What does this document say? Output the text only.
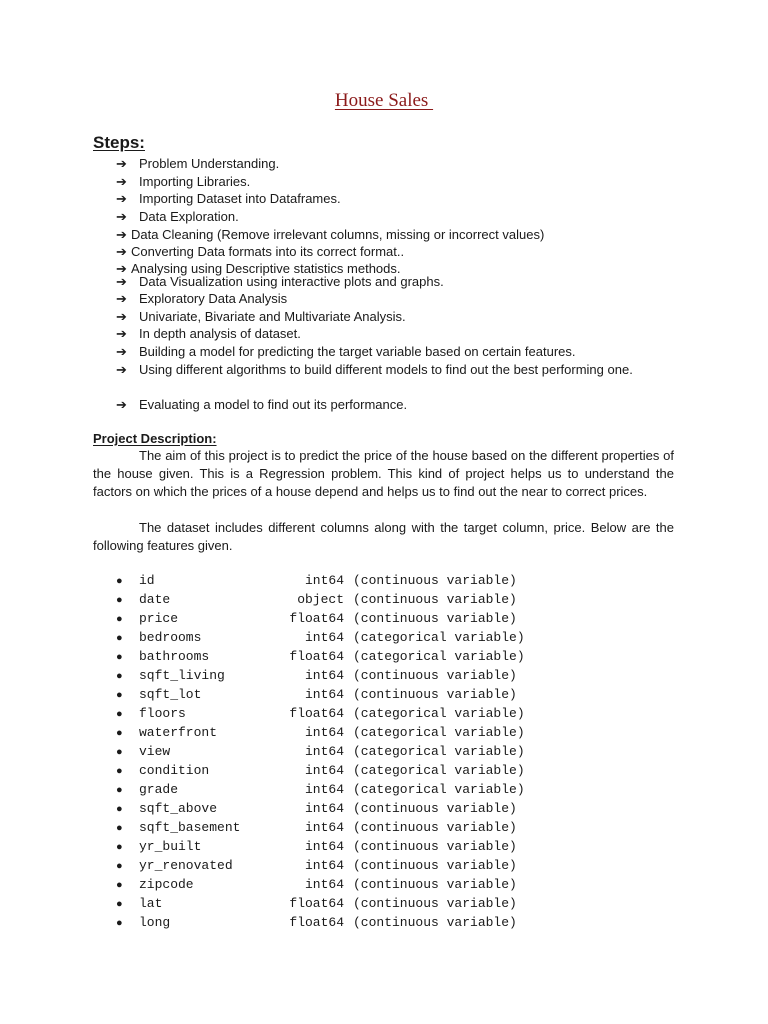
House Sales
Steps:
➔ Problem Understanding.
➔ Importing Libraries.
➔ Importing Dataset into Dataframes.
➔ Data Exploration.
➔ Data Cleaning (Remove irrelevant columns, missing or incorrect values)
➔ Converting Data formats into its correct format..
➔ Analysing using Descriptive statistics methods.
➔ Data Visualization using interactive plots and graphs.
➔ Exploratory Data Analysis
➔ Univariate, Bivariate and Multivariate Analysis.
➔ In depth analysis of dataset.
➔ Building a model for predicting the target variable based on certain features.
➔ Using different algorithms to build different models to find out the best performing one.
➔ Evaluating a model to find out its performance.
Project Description:

The aim of this project is to predict the price of the house based on the different properties of the house given. This is a Regression problem. This kind of project helps us to understand the factors on which the prices of a house depend and helps us to find out the near to correct prices.

The dataset includes different columns along with the target column, price. Below are the following features given.

● id	int64 (continuous variable)
● date	object (continuous variable)
● price	float64 (continuous variable)
● bedrooms	int64 (categorical variable)
● bathrooms	float64 (categorical variable)
● sqft_living	int64 (continuous variable)
● sqft_lot	int64 (continuous variable)
● floors	float64 (categorical variable)
● waterfront	int64 (categorical variable)
● view	int64 (categorical variable)
● condition	int64 (categorical variable)
● grade	int64 (categorical variable)
● sqft_above	int64 (continuous variable)
● sqft_basement	int64 (continuous variable)
● yr_built	int64 (continuous variable)
● yr_renovated	int64 (continuous variable)
● zipcode	int64 (continuous variable)
● lat	float64 (continuous variable)
● long	float64 (continuous variable)
